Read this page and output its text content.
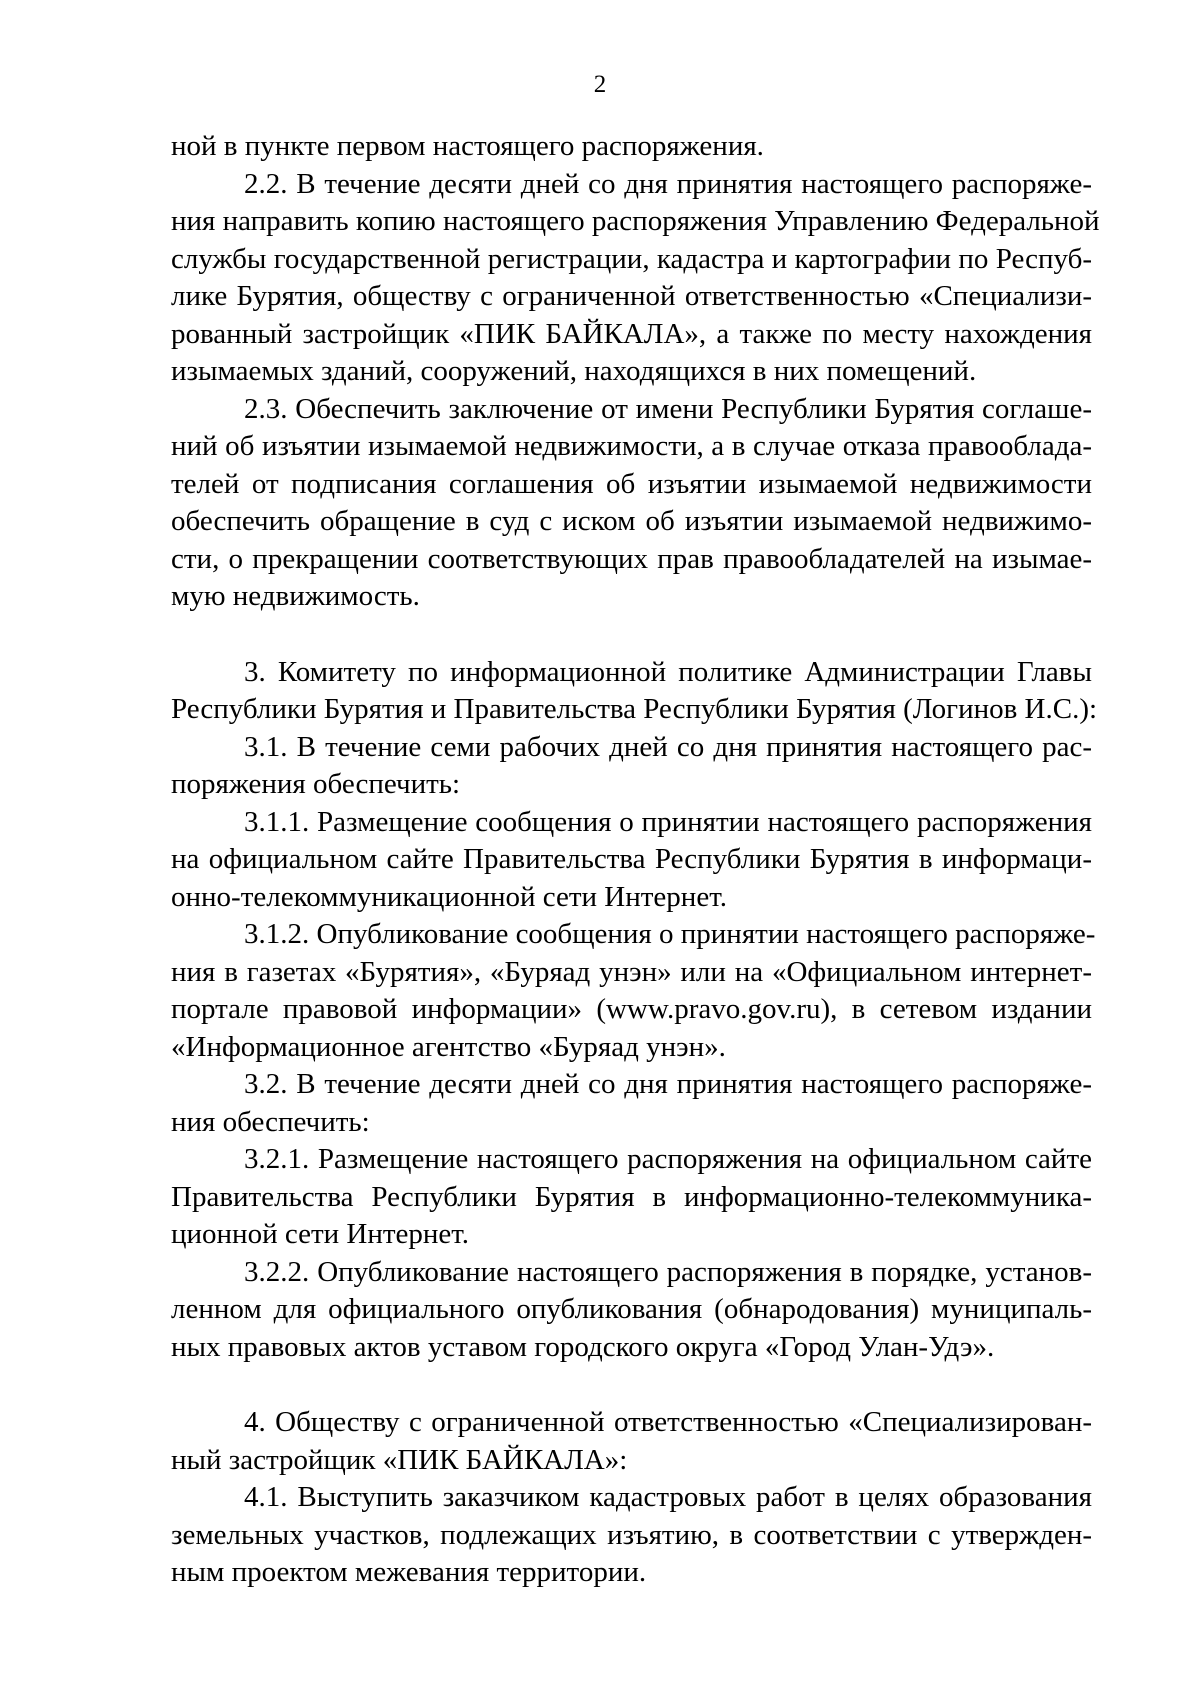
2
ной в пункте первом настоящего распоряжения.
2.2. В течение десяти дней со дня принятия настоящего распоряже-
ния направить копию настоящего распоряжения Управлению Федеральной
службы государственной регистрации, кадастра и картографии по Респуб-
лике Бурятия, обществу с ограниченной ответственностью «Специализи-
рованный застройщик «ПИК БАЙКАЛА», а также по месту нахождения
изымаемых зданий, сооружений, находящихся в них помещений.
2.3. Обеспечить заключение от имени Республики Бурятия соглаше-
ний об изъятии изымаемой недвижимости, а в случае отказа правооблада-
телей от подписания соглашения об изъятии изымаемой недвижимости
обеспечить обращение в суд с иском об изъятии изымаемой недвижимо-
сти, о прекращении соответствующих прав правообладателей на изымае-
мую недвижимость.
3. Комитету по информационной политике Администрации Главы
Республики Бурятия и Правительства Республики Бурятия (Логинов И.С.):
3.1. В течение семи рабочих дней со дня принятия настоящего рас-
поряжения обеспечить:
3.1.1. Размещение сообщения о принятии настоящего распоряжения
на официальном сайте Правительства Республики Бурятия в информаци-
онно-телекоммуникационной сети Интернет.
3.1.2. Опубликование сообщения о принятии настоящего распоряже-
ния в газетах «Бурятия», «Буряад унэн» или на «Официальном интернет-
портале правовой информации» (www.pravo.gov.ru), в сетевом издании
«Информационное агентство «Буряад унэн».
3.2. В течение десяти дней со дня принятия настоящего распоряже-
ния обеспечить:
3.2.1. Размещение настоящего распоряжения на официальном сайте
Правительства Республики Бурятия в информационно-телекоммуника-
ционной сети Интернет.
3.2.2. Опубликование настоящего распоряжения в порядке, установ-
ленном для официального опубликования (обнародования) муниципаль-
ных правовых актов уставом городского округа «Город Улан-Удэ».
4. Обществу с ограниченной ответственностью «Специализирован-
ный застройщик «ПИК БАЙКАЛА»:
4.1. Выступить заказчиком кадастровых работ в целях образования
земельных участков, подлежащих изъятию, в соответствии с утвержден-
ным проектом межевания территории.
